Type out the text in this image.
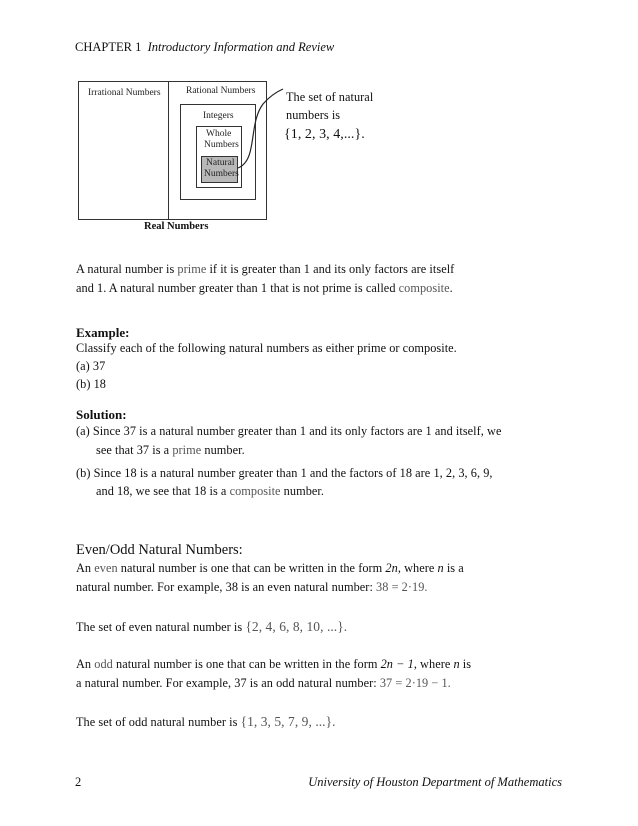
CHAPTER 1 Introductory Information and Review
Irrational Numbers	Rational Numbers
Integers
Whole
Numbers
Natural
Numbers
Real Numbers
The set of natural
numbers is
{1, 2, 3, 4,...}.
A natural number is prime if it is greater than 1 and its only factors are itself
and 1. A natural number greater than 1 that is not prime is called composite.
Example:
Classify each of the following natural numbers as either prime or composite.
(a) 37
(b) 18
Solution:
(a) Since 37 is a natural number greater than 1 and its only factors are 1 and itself, we
see that 37 is a prime number.
(b) Since 18 is a natural number greater than 1 and the factors of 18 are 1, 2, 3, 6, 9,
and 18, we see that 18 is a composite number.
Even/Odd Natural Numbers:
An even natural number is one that can be written in the form 2n, where n is a
natural number. For example, 38 is an even natural number: 38 = 2·19.
The set of even natural number is {2, 4, 6, 8, 10, ...}.
An odd natural number is one that can be written in the form 2n − 1, where n is
a natural number. For example, 37 is an odd natural number: 37 = 2·19 − 1.
The set of odd natural number is {1, 3, 5, 7, 9, ...}.
2	University of Houston Department of Mathematics
